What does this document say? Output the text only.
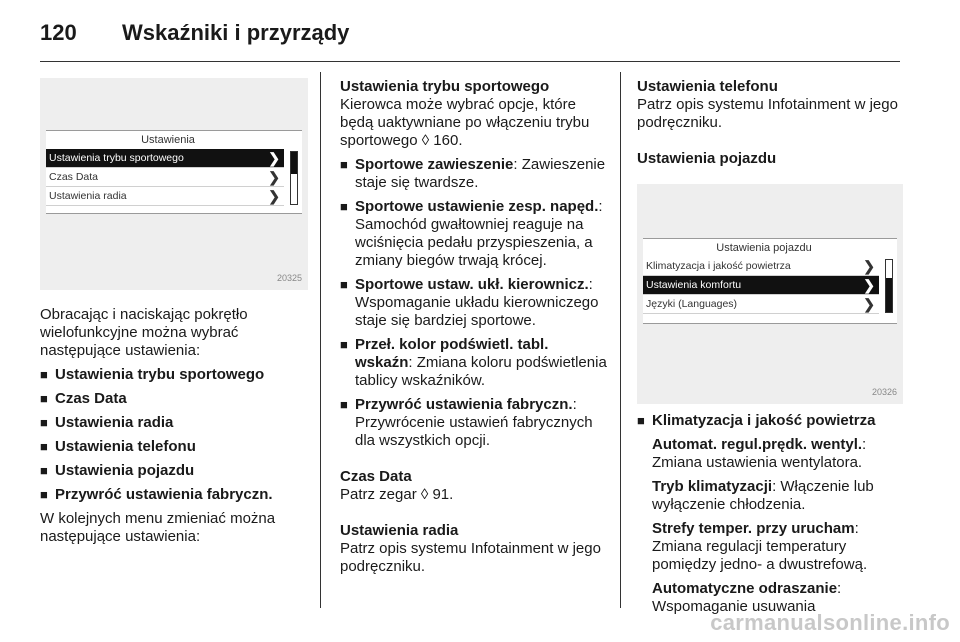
120	Wskaźniki i przyrządy
Ustawienia
Ustawienia trybu sportowego	❯
Czas Data	❯
Ustawienia radia	❯
20325

Obracając i naciskając pokrętło wielofunkcyjne można wybrać następujące ustawienia:

■ Ustawienia trybu sportowego
■ Czas Data
■ Ustawienia radia
■ Ustawienia telefonu
■ Ustawienia pojazdu
■ Przywróć ustawienia fabryczn.

W kolejnych menu zmieniać można następujące ustawienia:

Ustawienia trybu sportowego

Kierowca może wybrać opcje, które będą uaktywniane po włączeniu trybu sportowego ◊ 160.

■ Sportowe zawieszenie: Zawieszenie staje się twardsze.
■ Sportowe ustawienie zesp. napęd.: Samochód gwałtowniej reaguje na wciśnięcia pedału przyspieszenia, a zmiany biegów trwają krócej.
■ Sportowe ustaw. ukł. kierownicz.: Wspomaganie układu kierowniczego staje się bardziej sportowe.
■ Przeł. kolor podświetl. tabl. wskaźn: Zmiana koloru podświetlenia tablicy wskaźników.
■ Przywróć ustawienia fabryczn.: Przywrócenie ustawień fabrycznych dla wszystkich opcji.
Czas Data

Patrz zegar ◊ 91.

Ustawienia radia

Patrz opis systemu Infotainment w jego podręczniku.

Ustawienia telefonu

Patrz opis systemu Infotainment w jego podręczniku.

Ustawienia pojazdu
Ustawienia pojazdu
Klimatyzacja i jakość powietrza	❯
Ustawienia komfortu	❯
Języki (Languages)	❯
20326
■ Klimatyzacja i jakość powietrza
Automat. regul.prędk. wentyl.: Zmiana ustawienia wentylatora.
Tryb klimatyzacji: Włączenie lub wyłączenie chłodzenia.
Strefy temper. przy urucham: Zmiana regulacji temperatury pomiędzy jedno- a dwustrefową.
Automatyczne odraszanie: Wspomaganie usuwania
carmanualsonline.info
